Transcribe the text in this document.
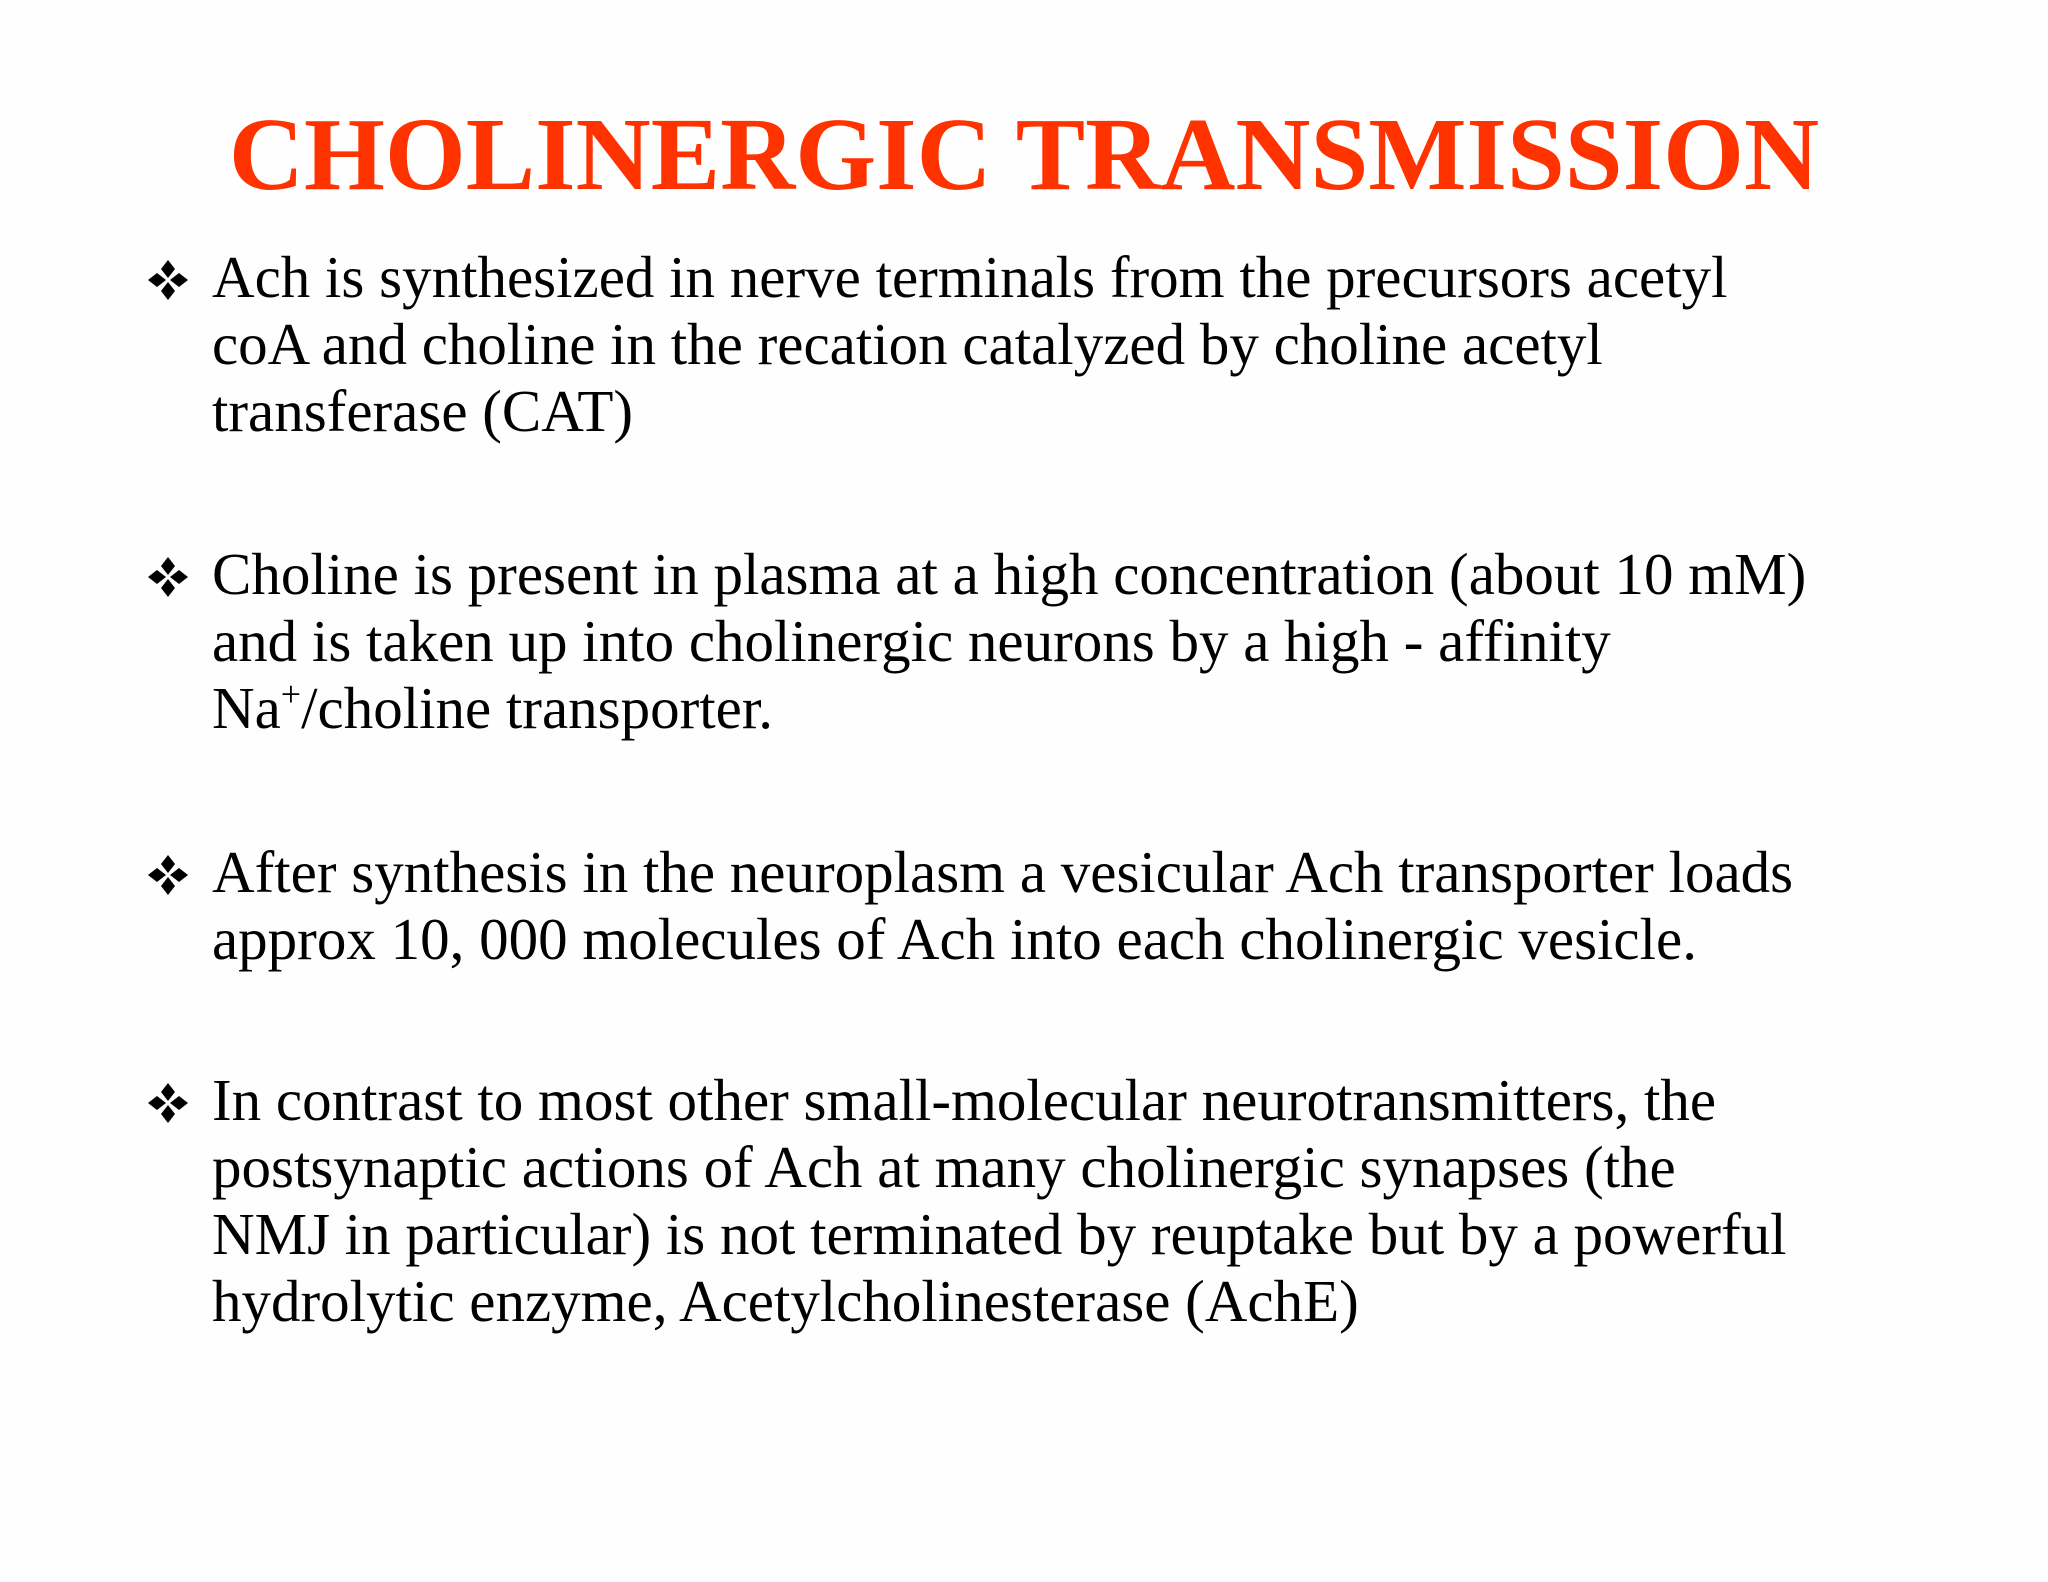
CHOLINERGIC TRANSMISSION
Ach is synthesized in nerve terminals from the precursors acetyl
coA and choline in the recation catalyzed by choline acetyl
transferase (CAT)
Choline is present in plasma at a high concentration (about 10 mM)
and is taken up into cholinergic neurons by a high - affinity
Na+/choline transporter.
After synthesis in the neuroplasm a vesicular Ach transporter loads
approx 10, 000 molecules of Ach into each cholinergic vesicle.
In contrast to most other small-molecular neurotransmitters, the
postsynaptic actions of Ach at many cholinergic synapses (the
NMJ in particular) is not terminated by reuptake but by a powerful
hydrolytic enzyme, Acetylcholinesterase (AchE)
